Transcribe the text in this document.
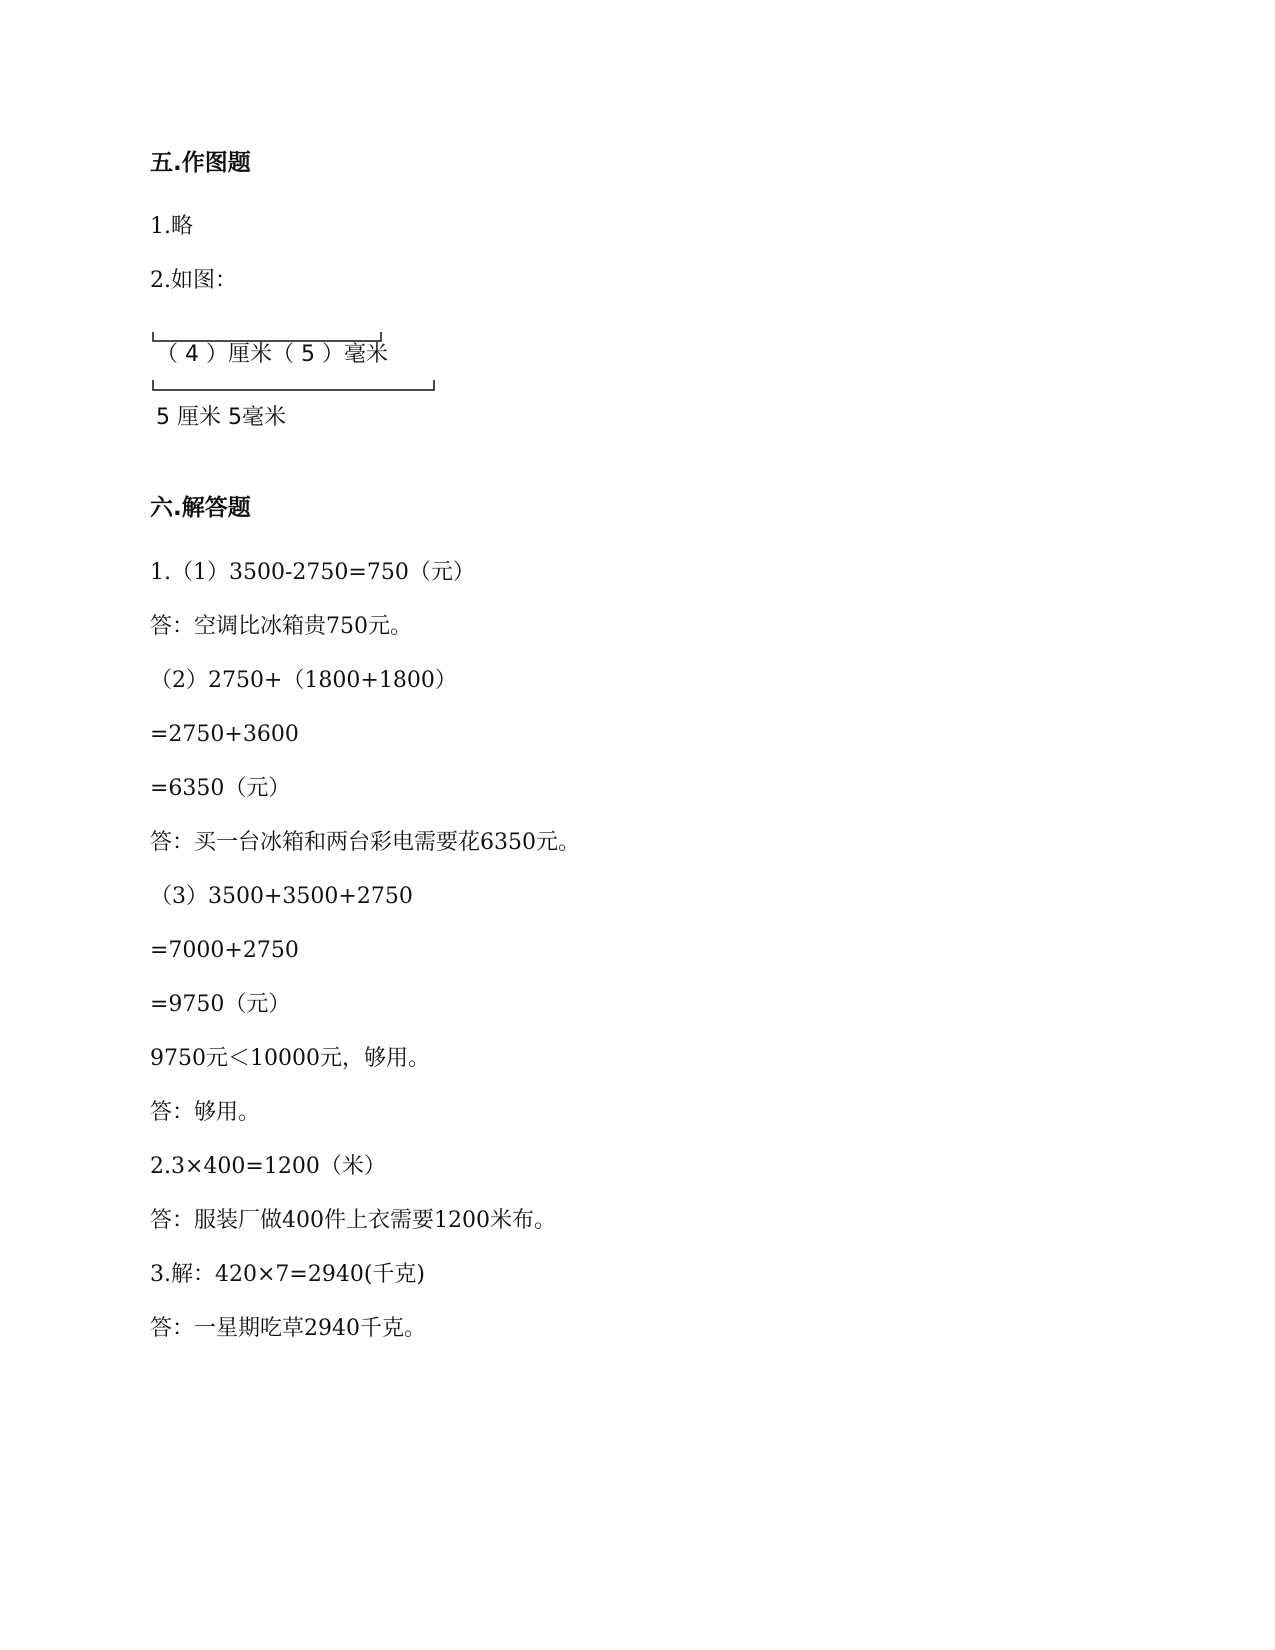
五.作图题

1.略

2.如图：

（ 4 ）厘米（ 5 ）毫米
5 厘米 5毫米
六.解答题

1.（1）3500-2750=750（元）

答：空调比冰箱贵750元。

（2）2750+（1800+1800）

=2750+3600

=6350（元）

答：买一台冰箱和两台彩电需要花6350元。

（3）3500+3500+2750

=7000+2750

=9750（元）

9750元＜10000元，够用。

答：够用。

2.3×400=1200（米）

答：服装厂做400件上衣需要1200米布。

3.解：420×7=2940(千克)

答：一星期吃草2940千克。
